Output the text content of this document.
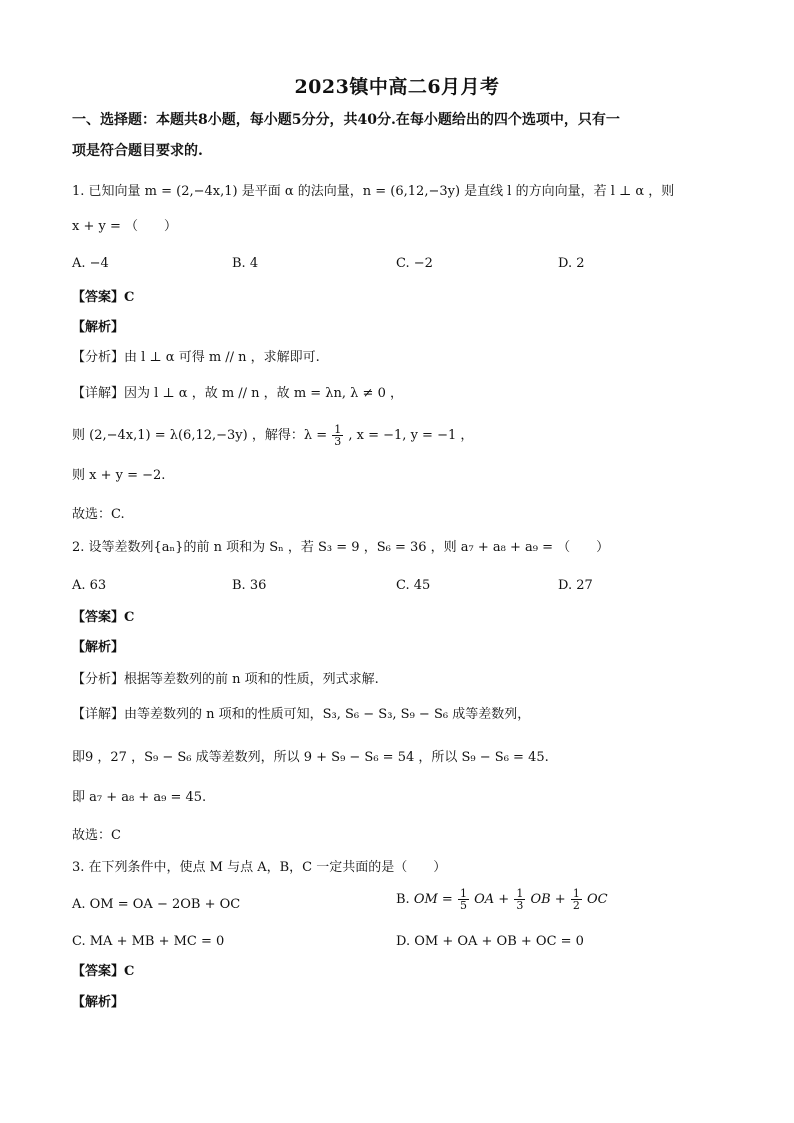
2023镇中高二6月月考
一、选择题：本题共8小题，每小题5分分，共40分.在每小题给出的四个选项中，只有一
项是符合题目要求的.
1. 已知向量 m = (2,−4x,1) 是平面 α 的法向量，n = (6,12,−3y) 是直线 l 的方向向量，若 l ⊥ α ，则
x + y = （　　）
A. −4	B. 4	C. −2	D. 2
【答案】C
【解析】
【分析】由 l ⊥ α 可得 m // n ，求解即可.
【详解】因为 l ⊥ α ，故 m // n ，故 m = λn, λ ≠ 0 ，
则 (2,−4x,1) = λ(6,12,−3y) ，解得：$\lambda = \frac{1}{3}$ , x = −1, y = −1 ，
则 x + y = −2.
故选：C.
2. 设等差数列{aₙ}的前 n 项和为 Sₙ ，若 S₃ = 9 ，S₆ = 36 ，则 a₇ + a₈ + a₉ = （　　）
A. 63	B. 36	C. 45	D. 27
【答案】C
【解析】
【分析】根据等差数列的前 n 项和的性质，列式求解.
【详解】由等差数列的 n 项和的性质可知，S₃, S₆ − S₃, S₉ − S₆ 成等差数列，
即9 ，27 ，S₉ − S₆ 成等差数列，所以 9 + S₉ − S₆ = 54 ，所以 S₉ − S₆ = 45.
即 a₇ + a₈ + a₉ = 45.
故选：C
3. 在下列条件中，使点 M 与点 A，B，C 一定共面的是（　　）
A. OM = OA − 2OB + OC	B. OM = $\frac{1}{5}$ OA + $\frac{1}{3}$ OB + $\frac{1}{2}$ OC
C. MA + MB + MC = 0	D. OM + OA + OB + OC = 0
【答案】C
【解析】
